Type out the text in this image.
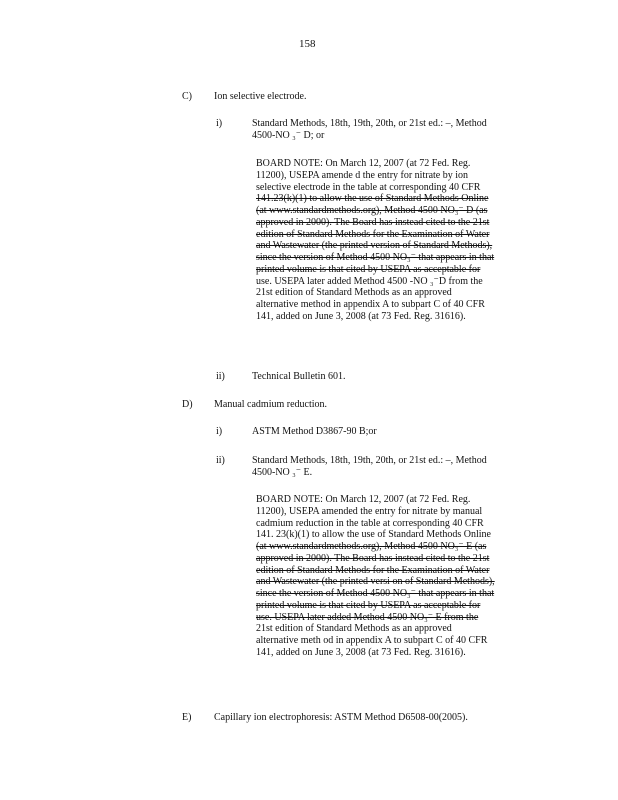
158
C) Ion selective electrode.
i)	Standard Methods, 18th, 19th, 20th, or 21st ed.: –, Method
4500-NO ₃⁻ D; or
BOARD NOTE: On March 12, 2007 (at 72 Fed. Reg.
11200), USEPA amende d the entry for nitrate by ion
selective electrode in the table at corresponding 40 CFR
141.23(k)(1) to allow the use of Standard Methods Online
(at www.standardmethods.org), Method 4500 NO₃⁻ D (as
approved in 2000). The Board has instead cited to the 21st
edition of Standard Methods for the Examination of Water
and Wastewater (the printed version of Standard Methods),
since the version of Method 4500 NO₃⁻ that appears in that
printed volume is that cited by USEPA as acceptable for
use. USEPA later added Method 4500 -NO ₃⁻D from the
21st edition of Standard Methods as an approved
alternative method in appendix A to subpart C of 40 CFR
141, added on June 3, 2008 (at 73 Fed. Reg. 31616).
ii)	Technical Bulletin 601.
D) Manual cadmium reduction.
i)	ASTM Method D3867-90 B;or
ii)	Standard Methods, 18th, 19th, 20th, or 21st ed.: –, Method
4500-NO ₃⁻ E.
BOARD NOTE: On March 12, 2007 (at 72 Fed. Reg.
11200), USEPA amended the entry for nitrate by manual
cadmium reduction in the table at corresponding 40 CFR
141. 23(k)(1) to allow the use of Standard Methods Online
(at www.standardmethods.org), Method 4500 NO₃⁻ E (as
approved in 2000). The Board has instead cited to the 21st
edition of Standard Methods for the Examination of Water
and Wastewater (the printed versi on of Standard Methods),
since the version of Method 4500 NO₃⁻ that appears in that
printed volume is that cited by USEPA as acceptable for
use. USEPA later added Method 4500 NO₃⁻ E from the
21st edition of Standard Methods as an approved
alternative meth od in appendix A to subpart C of 40 CFR
141, added on June 3, 2008 (at 73 Fed. Reg. 31616).
E) Capillary ion electrophoresis: ASTM Method D6508-00(2005).
